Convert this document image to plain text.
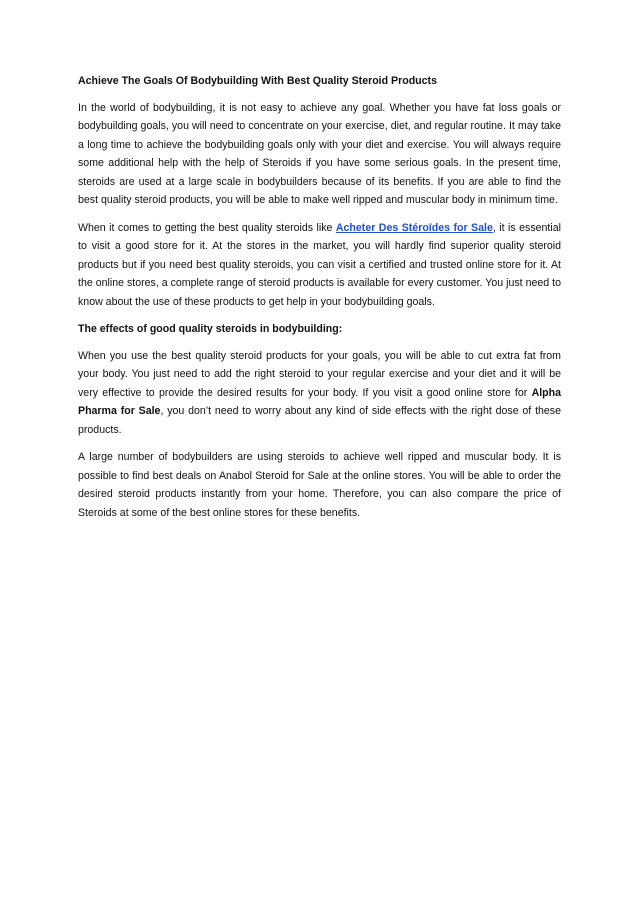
Achieve The Goals Of Bodybuilding With Best Quality Steroid Products

In the world of bodybuilding, it is not easy to achieve any goal. Whether you have fat loss goals or bodybuilding goals, you will need to concentrate on your exercise, diet, and regular routine. It may take a long time to achieve the bodybuilding goals only with your diet and exercise. You will always require some additional help with the help of Steroids if you have some serious goals. In the present time, steroids are used at a large scale in bodybuilders because of its benefits. If you are able to find the best quality steroid products, you will be able to make well ripped and muscular body in minimum time.

When it comes to getting the best quality steroids like Acheter Des Stéroïdes for Sale, it is essential to visit a good store for it. At the stores in the market, you will hardly find superior quality steroid products but if you need best quality steroids, you can visit a certified and trusted online store for it. At the online stores, a complete range of steroid products is available for every customer. You just need to know about the use of these products to get help in your bodybuilding goals.

The effects of good quality steroids in bodybuilding:

When you use the best quality steroid products for your goals, you will be able to cut extra fat from your body. You just need to add the right steroid to your regular exercise and your diet and it will be very effective to provide the desired results for your body. If you visit a good online store for Alpha Pharma for Sale, you don’t need to worry about any kind of side effects with the right dose of these products.

A large number of bodybuilders are using steroids to achieve well ripped and muscular body. It is possible to find best deals on Anabol Steroid for Sale at the online stores. You will be able to order the desired steroid products instantly from your home. Therefore, you can also compare the price of Steroids at some of the best online stores for these benefits.
